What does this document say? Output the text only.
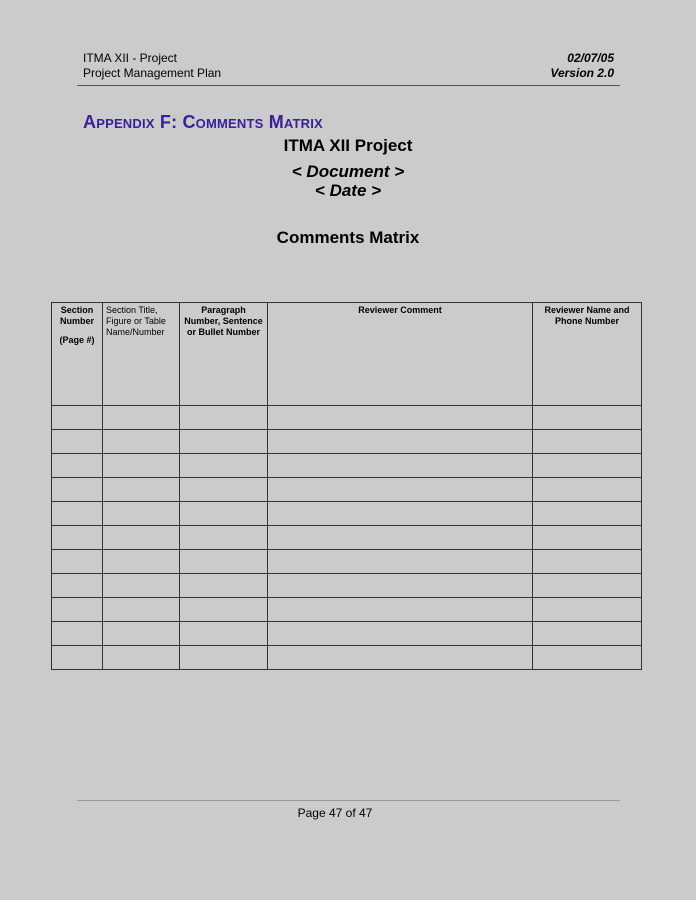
ITMA XII - Project
Project Management Plan
02/07/05
Version 2.0
Appendix F: Comments Matrix
ITMA XII Project
< Document >
< Date >
Comments Matrix
Section Number
(Page #)	Section Title, Figure or Table Name/Number	Paragraph Number, Sentence or Bullet Number	Reviewer Comment	Reviewer Name and Phone Number

Page 47 of 47
